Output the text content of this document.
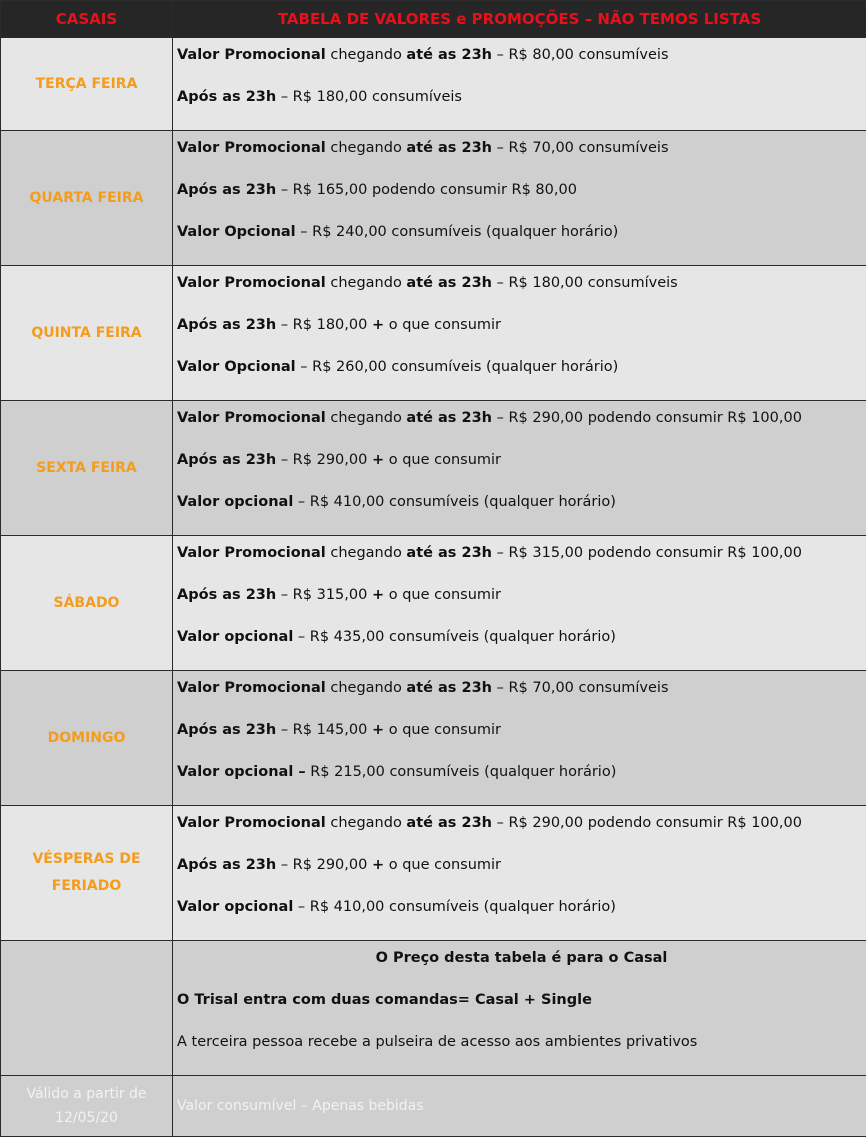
CASAIS	TABELA DE VALORES e PROMOÇÕES – NÃO TEMOS LISTAS
TERÇA FEIRA	Valor Promocional chegando até as 23h – R$ 80,00 consumíveis
Após as 23h – R$ 180,00 consumíveis

QUARTA FEIRA	Valor Promocional chegando até as 23h – R$ 70,00 consumíveis
Após as 23h – R$ 165,00 podendo consumir R$ 80,00
Valor Opcional – R$ 240,00 consumíveis (qualquer horário)

QUINTA FEIRA	Valor Promocional chegando até as 23h – R$ 180,00 consumíveis
Após as 23h – R$ 180,00 + o que consumir
Valor Opcional – R$ 260,00 consumíveis (qualquer horário)

SEXTA FEIRA	Valor Promocional chegando até as 23h – R$ 290,00 podendo consumir R$ 100,00
Após as 23h – R$ 290,00 + o que consumir
Valor opcional – R$ 410,00 consumíveis (qualquer horário)

SÁBADO	Valor Promocional chegando até as 23h – R$ 315,00 podendo consumir R$ 100,00
Após as 23h – R$ 315,00 + o que consumir
Valor opcional – R$ 435,00 consumíveis (qualquer horário)

DOMINGO	Valor Promocional chegando até as 23h – R$ 70,00 consumíveis
Após as 23h – R$ 145,00 + o que consumir
Valor opcional – R$ 215,00 consumíveis (qualquer horário)

VÉSPERAS DE FERIADO	Valor Promocional chegando até as 23h – R$ 290,00 podendo consumir R$ 100,00
Após as 23h – R$ 290,00 + o que consumir
Valor opcional – R$ 410,00 consumíveis (qualquer horário)

	O Preço desta tabela é para o Casal
O Trisal entra com duas comandas= Casal + Single
A terceira pessoa recebe a pulseira de acesso aos ambientes privativos

Válido a partir de 12/05/20	Valor consumível – Apenas bebidas
